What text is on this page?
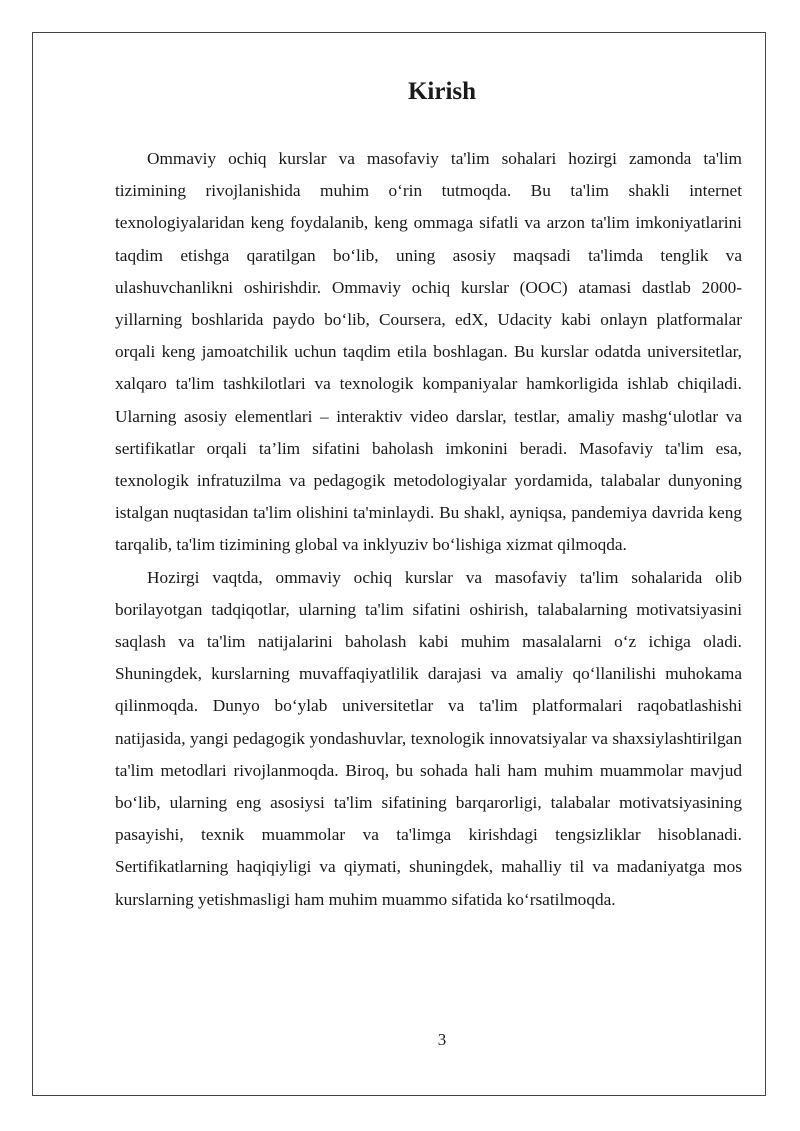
Kirish

Ommaviy ochiq kurslar va masofaviy ta'lim sohalari hozirgi zamonda ta'lim tizimining rivojlanishida muhim o‘rin tutmoqda. Bu ta'lim shakli internet texnologiyalaridan keng foydalanib, keng ommaga sifatli va arzon ta'lim imkoniyatlarini taqdim etishga qaratilgan bo‘lib, uning asosiy maqsadi ta'limda tenglik va ulashuvchanlikni oshirishdir. Ommaviy ochiq kurslar (OOC) atamasi dastlab 2000-yillarning boshlarida paydo bo‘lib, Coursera, edX, Udacity kabi onlayn platformalar orqali keng jamoatchilik uchun taqdim etila boshlagan. Bu kurslar odatda universitetlar, xalqaro ta'lim tashkilotlari va texnologik kompaniyalar hamkorligida ishlab chiqiladi. Ularning asosiy elementlari – interaktiv video darslar, testlar, amaliy mashg‘ulotlar va sertifikatlar orqali ta’lim sifatini baholash imkonini beradi. Masofaviy ta'lim esa, texnologik infratuzilma va pedagogik metodologiyalar yordamida, talabalar dunyoning istalgan nuqtasidan ta'lim olishini ta'minlaydi. Bu shakl, ayniqsa, pandemiya davrida keng tarqalib, ta'lim tizimining global va inklyuziv bo‘lishiga xizmat qilmoqda.

Hozirgi vaqtda, ommaviy ochiq kurslar va masofaviy ta'lim sohalarida olib borilayotgan tadqiqotlar, ularning ta'lim sifatini oshirish, talabalarning motivatsiyasini saqlash va ta'lim natijalarini baholash kabi muhim masalalarni o‘z ichiga oladi. Shuningdek, kurslarning muvaffaqiyatlilik darajasi va amaliy qo‘llanilishi muhokama qilinmoqda. Dunyo bo‘ylab universitetlar va ta'lim platformalari raqobatlashishi natijasida, yangi pedagogik yondashuvlar, texnologik innovatsiyalar va shaxsiylashtirilgan ta'lim metodlari rivojlanmoqda. Biroq, bu sohada hali ham muhim muammolar mavjud bo‘lib, ularning eng asosiysi ta'lim sifatining barqarorligi, talabalar motivatsiyasining pasayishi, texnik muammolar va ta'limga kirishdagi tengsizliklar hisoblanadi. Sertifikatlarning haqiqiyligi va qiymati, shuningdek, mahalliy til va madaniyatga mos kurslarning yetishmasligi ham muhim muammo sifatida ko‘rsatilmoqda.

3
